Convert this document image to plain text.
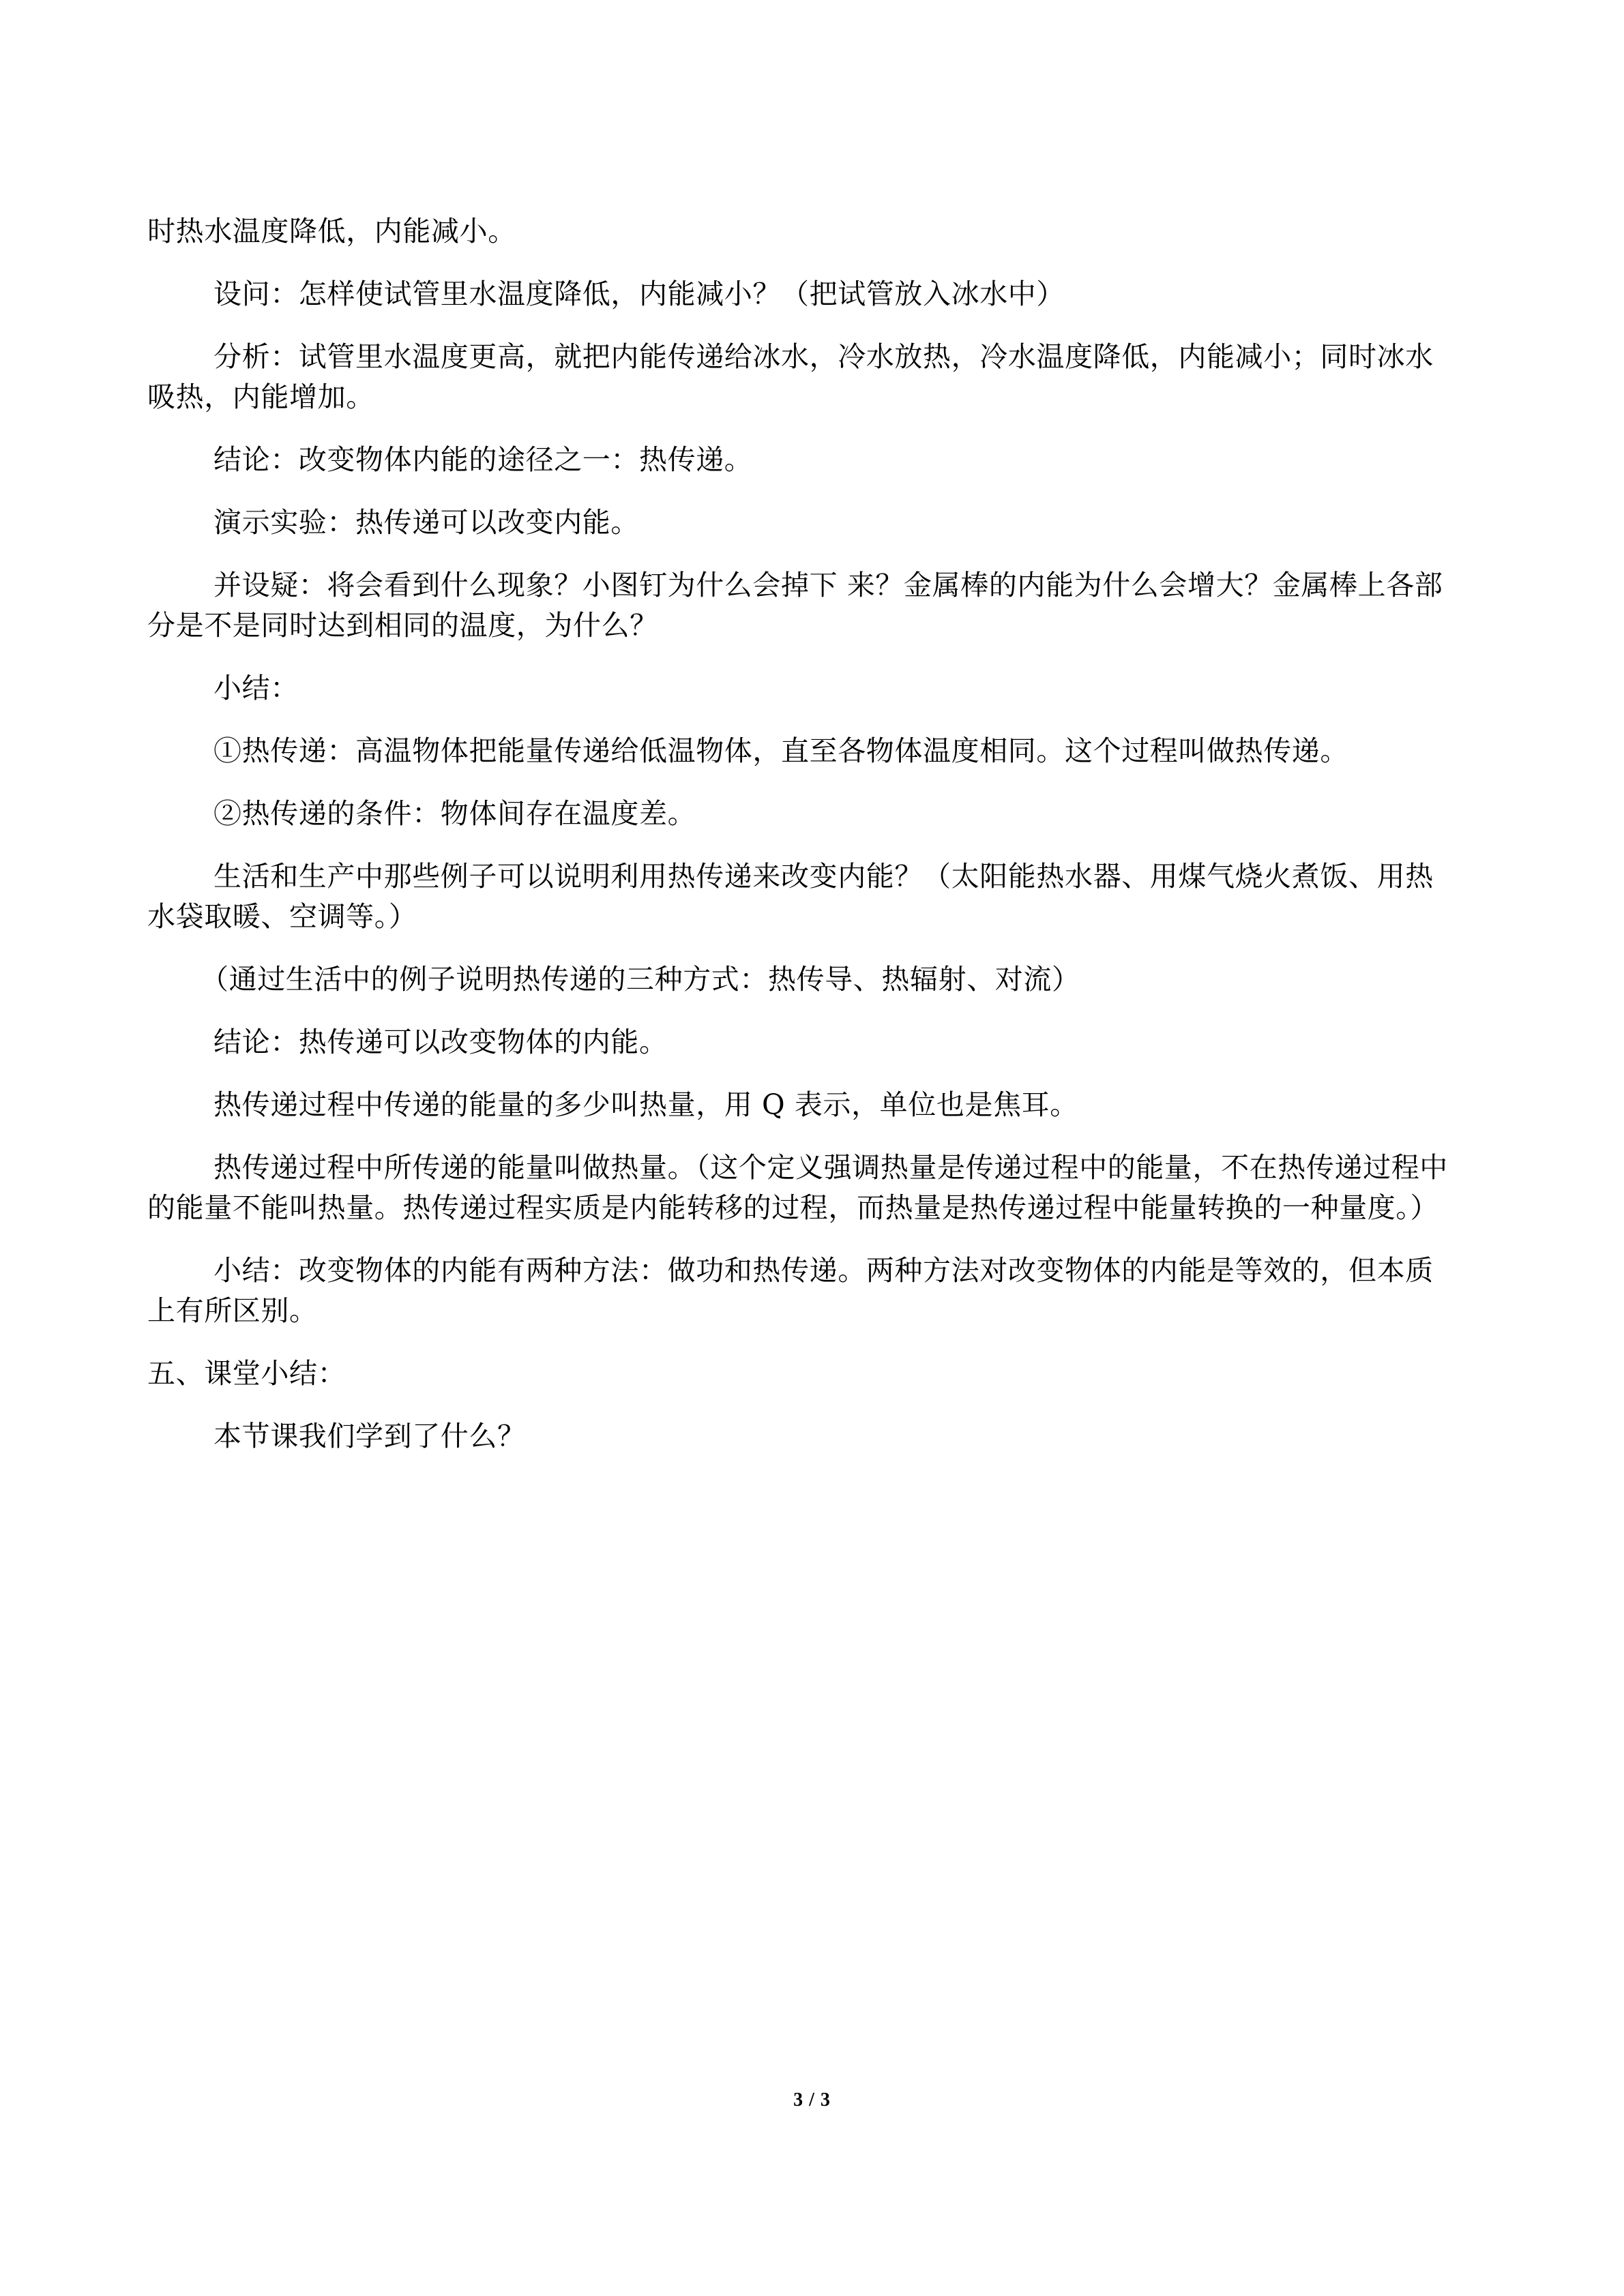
时热水温度降低，内能减小。

设问：怎样使试管里水温度降低，内能减小？（把试管放入冰水中）

分析：试管里水温度更高，就把内能传递给冰水，冷水放热，冷水温度降低，内能减小；同时冰水吸热，内能增加。

结论：改变物体内能的途径之一：热传递。

演示实验：热传递可以改变内能。

并设疑：将会看到什么现象？小图钉为什么会掉下 来？金属棒的内能为什么会增大？金属棒上各部分是不是同时达到相同的温度，为什么？

小结：

①热传递：高温物体把能量传递给低温物体，直至各物体温度相同。这个过程叫做热传递。

②热传递的条件：物体间存在温度差。

生活和生产中那些例子可以说明利用热传递来改变内能？（太阳能热水器、用煤气烧火煮饭、用热水袋取暖、空调等。）

（通过生活中的例子说明热传递的三种方式：热传导、热辐射、对流）

结论：热传递可以改变物体的内能。

热传递过程中传递的能量的多少叫热量，用 Q 表示，单位也是焦耳。

热传递过程中所传递的能量叫做热量。（这个定义强调热量是传递过程中的能量，不在热传递过程中的能量不能叫热量。热传递过程实质是内能转移的过程，而热量是热传递过程中能量转换的一种量度。）

小结：改变物体的内能有两种方法：做功和热传递。两种方法对改变物体的内能是等效的，但本质上有所区别。

五、课堂小结：

本节课我们学到了什么？

3 / 3
